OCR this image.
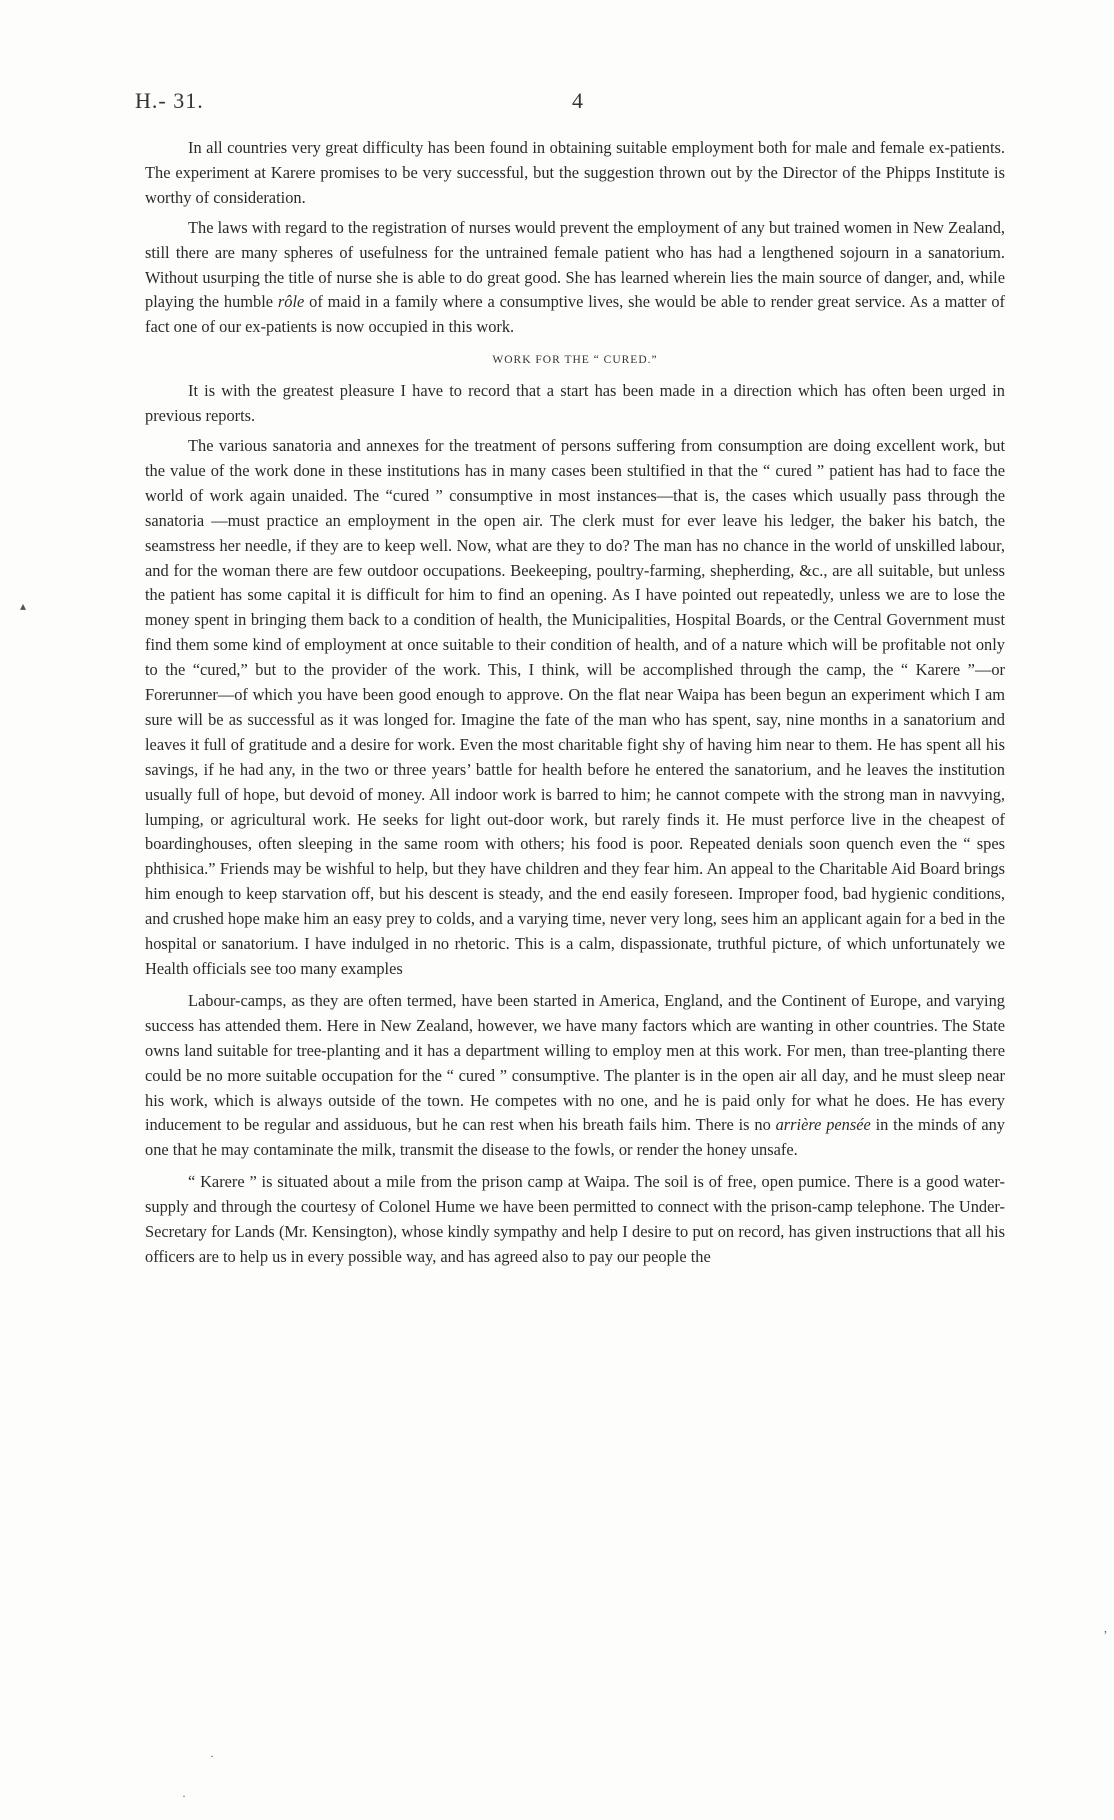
H.- 31.	4

In all countries very great difficulty has been found in obtaining suitable employment both for male and female ex-patients. The experiment at Karere promises to be very successful, but the suggestion thrown out by the Director of the Phipps Institute is worthy of consideration.

The laws with regard to the registration of nurses would prevent the employment of any but trained women in New Zealand, still there are many spheres of usefulness for the untrained female patient who has had a lengthened sojourn in a sanatorium. Without usurping the title of nurse she is able to do great good. She has learned wherein lies the main source of danger, and, while playing the humble rôle of maid in a family where a consumptive lives, she would be able to render great service. As a matter of fact one of our ex-patients is now occupied in this work.

WORK FOR THE “ CURED.”

It is with the greatest pleasure I have to record that a start has been made in a direction which has often been urged in previous reports.

The various sanatoria and annexes for the treatment of persons suffering from consumption are doing excellent work, but the value of the work done in these institutions has in many cases been stultified in that the “ cured ” patient has had to face the world of work again unaided. The “cured ” consumptive in most instances—that is, the cases which usually pass through the sanatoria —must practice an employment in the open air. The clerk must for ever leave his ledger, the baker his batch, the seamstress her needle, if they are to keep well. Now, what are they to do? The man has no chance in the world of unskilled labour, and for the woman there are few outdoor occupations. Beekeeping, poultry-farming, shepherding, &c., are all suitable, but unless the patient has some capital it is difficult for him to find an opening. As I have pointed out repeatedly, unless we are to lose the money spent in bringing them back to a condition of health, the Municipalities, Hospital Boards, or the Central Government must find them some kind of employment at once suitable to their condition of health, and of a nature which will be profitable not only to the “cured,” but to the provider of the work. This, I think, will be accomplished through the camp, the “ Karere ”—or Forerunner—of which you have been good enough to approve. On the flat near Waipa has been begun an experiment which I am sure will be as successful as it was longed for. Imagine the fate of the man who has spent, say, nine months in a sanatorium and leaves it full of gratitude and a desire for work. Even the most charitable fight shy of having him near to them. He has spent all his savings, if he had any, in the two or three years’ battle for health before he entered the sanatorium, and he leaves the institution usually full of hope, but devoid of money. All indoor work is barred to him; he cannot compete with the strong man in navvying, lumping, or agricultural work. He seeks for light out-door work, but rarely finds it. He must perforce live in the cheapest of boardinghouses, often sleeping in the same room with others; his food is poor. Repeated denials soon quench even the “ spes phthisica.” Friends may be wishful to help, but they have children and they fear him. An appeal to the Charitable Aid Board brings him enough to keep starvation off, but his descent is steady, and the end easily foreseen. Improper food, bad hygienic conditions, and crushed hope make him an easy prey to colds, and a varying time, never very long, sees him an applicant again for a bed in the hospital or sanatorium. I have indulged in no rhetoric. This is a calm, dispassionate, truthful picture, of which unfortunately we Health officials see too many examples

Labour-camps, as they are often termed, have been started in America, England, and the Continent of Europe, and varying success has attended them. Here in New Zealand, however, we have many factors which are wanting in other countries. The State owns land suitable for tree-planting and it has a department willing to employ men at this work. For men, than tree-planting there could be no more suitable occupation for the “ cured ” consumptive. The planter is in the open air all day, and he must sleep near his work, which is always outside of the town. He competes with no one, and he is paid only for what he does. He has every inducement to be regular and assiduous, but he can rest when his breath fails him. There is no arrière pensée in the minds of any one that he may contaminate the milk, transmit the disease to the fowls, or render the honey unsafe.

“ Karere ” is situated about a mile from the prison camp at Waipa. The soil is of free, open pumice. There is a good water-supply and through the courtesy of Colonel Hume we have been permitted to connect with the prison-camp telephone. The Under-Secretary for Lands (Mr. Kensington), whose kindly sympathy and help I desire to put on record, has given instructions that all his officers are to help us in every possible way, and has agreed also to pay our people the

▴
,
·
·
